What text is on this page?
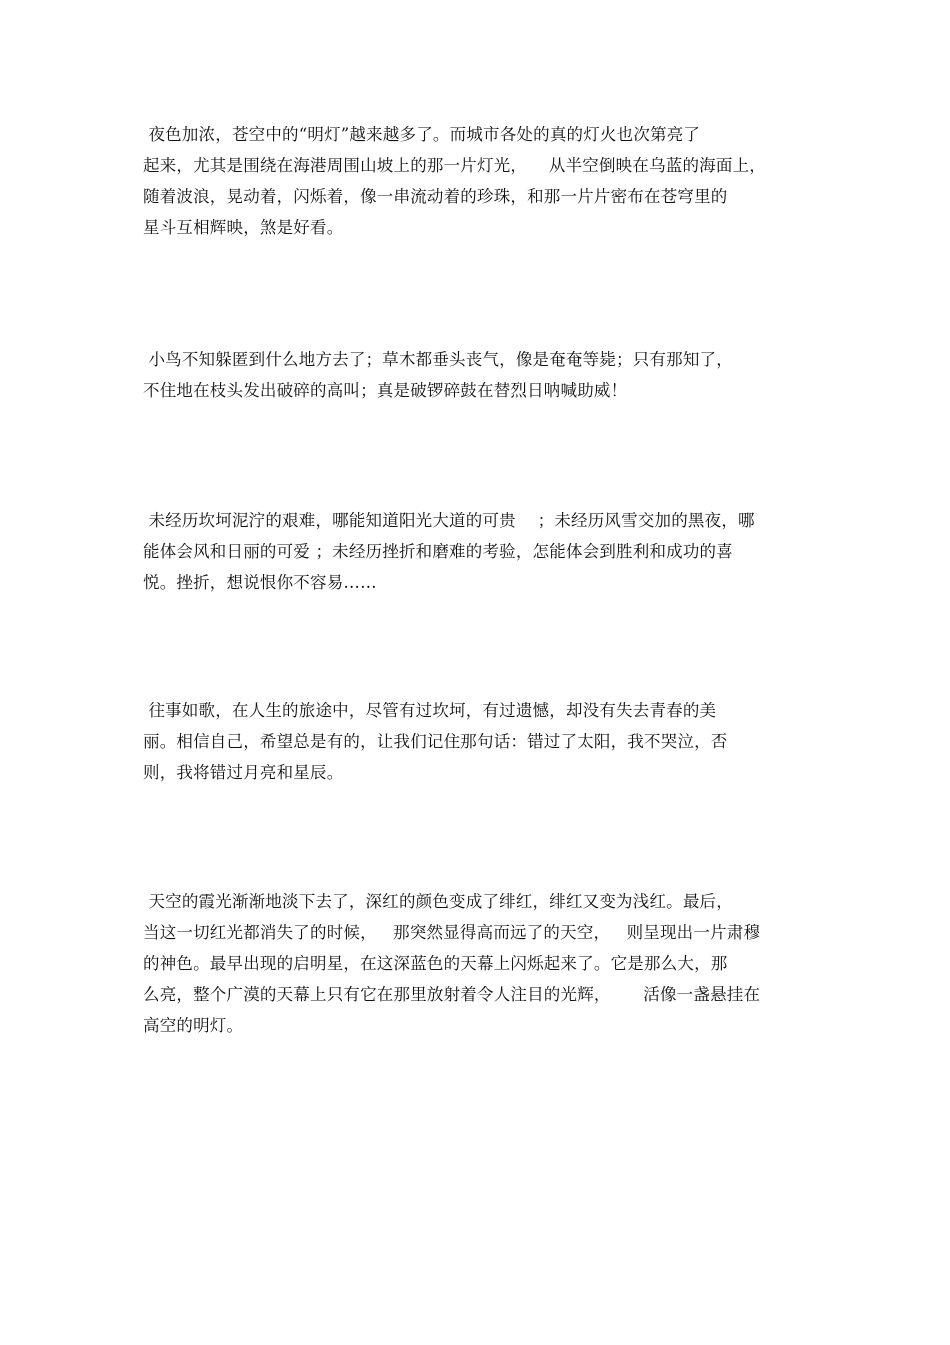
夜色加浓，苍空中的“明灯”越来越多了。而城市各处的真的灯火也次第亮了
起来，尤其是围绕在海港周围山坡上的那一片灯光，    从半空倒映在乌蓝的海面上，
随着波浪，晃动着，闪烁着，像一串流动着的珍珠，和那一片片密布在苍穹里的
星斗互相辉映，煞是好看。
小鸟不知躲匿到什么地方去了；草木都垂头丧气，像是奄奄等毙；只有那知了，
不住地在枝头发出破碎的高叫；真是破锣碎鼓在替烈日呐喊助威！
未经历坎坷泥泞的艰难，哪能知道阳光大道的可贵    ；未经历风雪交加的黑夜，哪
能体会风和日丽的可爱 ；未经历挫折和磨难的考验，怎能体会到胜利和成功的喜
悦。挫折，想说恨你不容易……
往事如歌，在人生的旅途中，尽管有过坎坷，有过遗憾，却没有失去青春的美
丽。相信自己，希望总是有的，让我们记住那句话：错过了太阳，我不哭泣，否
则，我将错过月亮和星辰。
天空的霞光渐渐地淡下去了，深红的颜色变成了绯红，绯红又变为浅红。最后，
当这一切红光都消失了的时候，   那突然显得高而远了的天空，   则呈现出一片肃穆
的神色。最早出现的启明星，在这深蓝色的天幕上闪烁起来了。它是那么大，那
么亮，整个广漠的天幕上只有它在那里放射着令人注目的光辉，      活像一盏悬挂在
高空的明灯。
